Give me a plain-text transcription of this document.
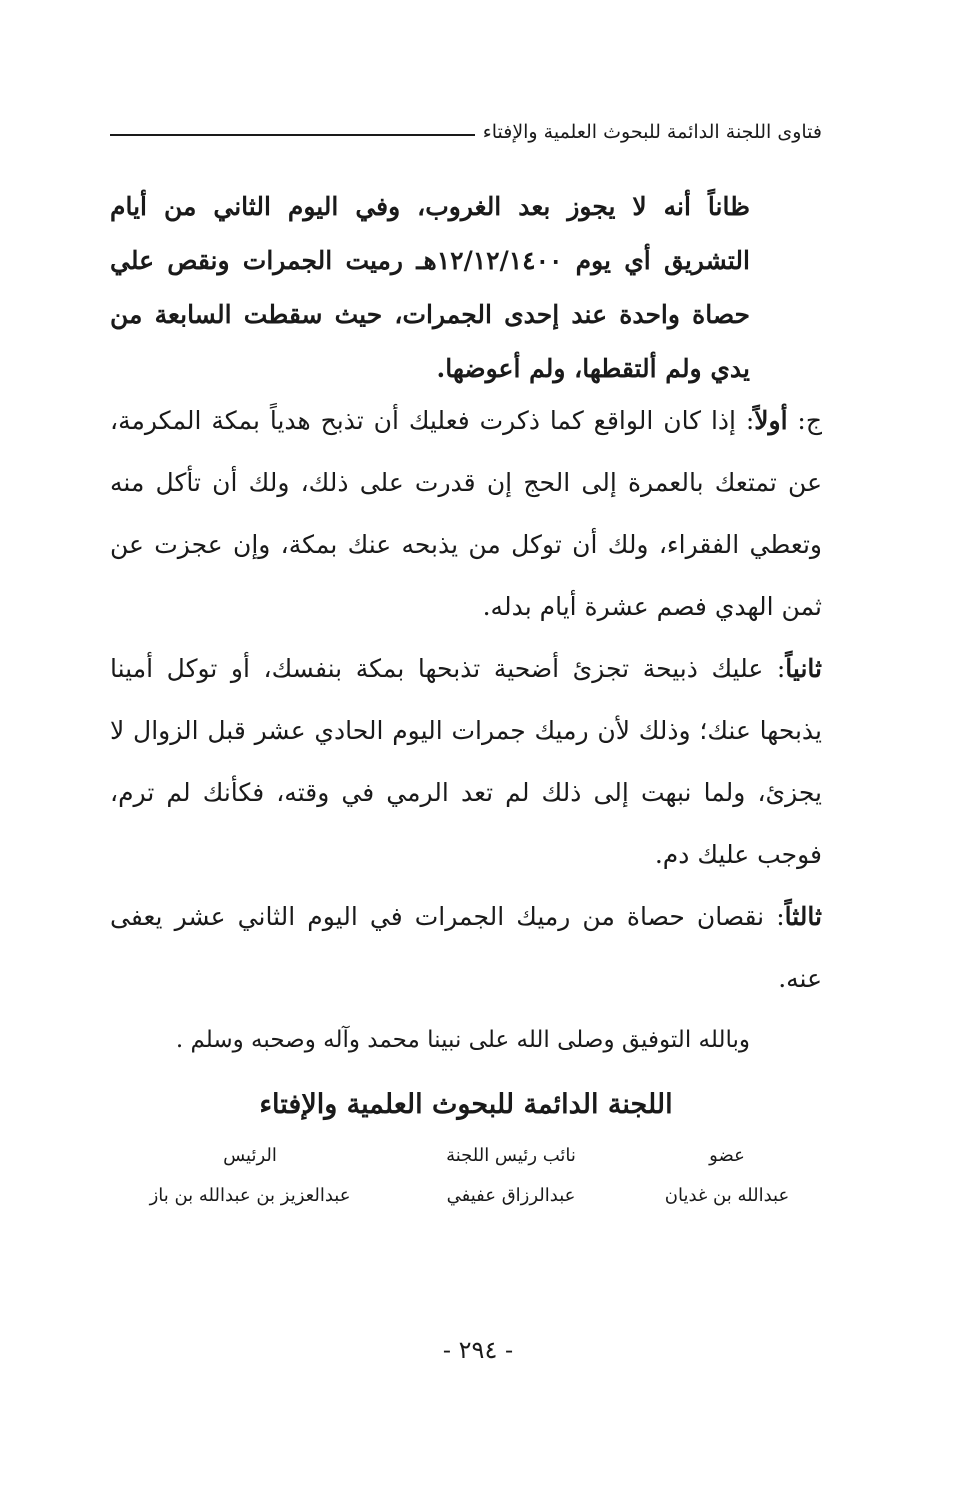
فتاوى اللجنة الدائمة للبحوث العلمية والإفتاء
ظاناً أنه لا يجوز بعد الغروب، وفي اليوم الثاني من أيام التشريق أي يوم ١٢/١٢/١٤٠٠هـ رميت الجمرات ونقص علي حصاة واحدة عند إحدى الجمرات، حيث سقطت السابعة من يدي ولم ألتقطها، ولم أعوضها.

ج: أولاً: إذا كان الواقع كما ذكرت فعليك أن تذبح هدياً بمكة المكرمة، عن تمتعك بالعمرة إلى الحج إن قدرت على ذلك، ولك أن تأكل منه وتعطي الفقراء، ولك أن توكل من يذبحه عنك بمكة، وإن عجزت عن ثمن الهدي فصم عشرة أيام بدله.

ثانياً: عليك ذبيحة تجزئ أضحية تذبحها بمكة بنفسك، أو توكل أمينا يذبحها عنك؛ وذلك لأن رميك جمرات اليوم الحادي عشر قبل الزوال لا يجزئ، ولما نبهت إلى ذلك لم تعد الرمي في وقته، فكأنك لم ترم، فوجب عليك دم.

ثالثاً: نقصان حصاة من رميك الجمرات في اليوم الثاني عشر يعفى عنه.

وبالله التوفيق وصلى الله على نبينا محمد وآله وصحبه وسلم .
اللجنة الدائمة للبحوث العلمية والإفتاء
عضو
نائب رئيس اللجنة
الرئيس
عبدالله بن غديان
عبدالرزاق عفيفي
عبدالعزيز بن عبدالله بن باز
- ٢٩٤ -
